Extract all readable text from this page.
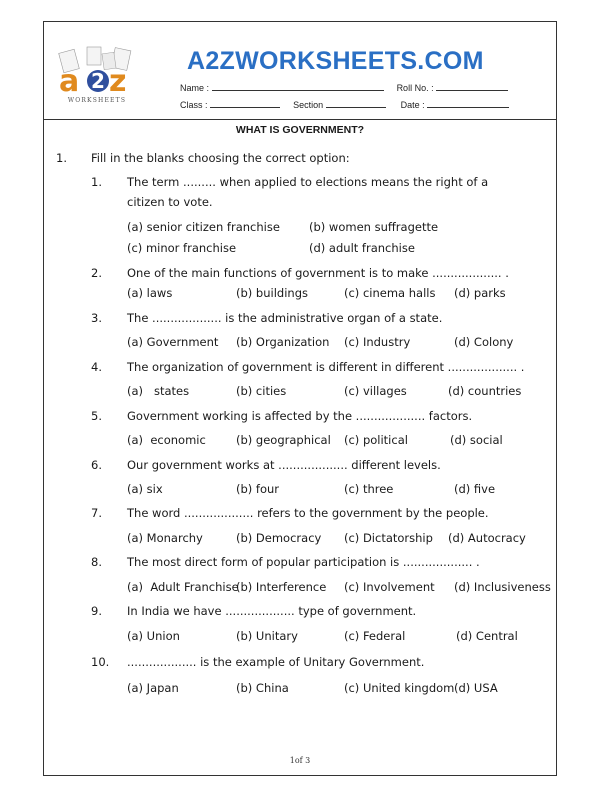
a 2 z
WORKSHEETS
A2ZWORKSHEETS.COM
Name :	Roll No. :
Class :	Section	Date :
WHAT IS GOVERNMENT?
1. Fill in the blanks choosing the correct option:
1. The term ......... when applied to elections means the right of a citizen to vote.
(a) senior citizen franchise	(b) women suffragette
(c) minor franchise	(d) adult franchise
2. One of the main functions of government is to make ................... .
(a) laws	(b) buildings	(c) cinema halls (d) parks
3. The ................... is the administrative organ of a state.
(a) Government (b) Organization (c) Industry	(d) Colony
4. The organization of government is different in different ................... .
(a)   states	(b) cities	(c) villages	(d) countries
5. Government working is affected by the ................... factors.
(a)  economic	(b) geographical (c) political	(d) social
6. Our government works at ................... different levels.
(a) six	(b) four	(c) three	(d) five
7. The word ................... refers to the government by the people.
(a) Monarchy	(b) Democracy (c) Dictatorship (d) Autocracy
8. The most direct form of popular participation is ................... .
(a)  Adult Franchise
(b) Interference (c) Involvement (d) Inclusiveness
9. In India we have ................... type of government.
(a) Union	(b) Unitary	(c) Federal	(d) Central
10. ................... is the example of Unitary Government.
(a) Japan	(b) China	(c) United kingdom (d) USA
1of 3
